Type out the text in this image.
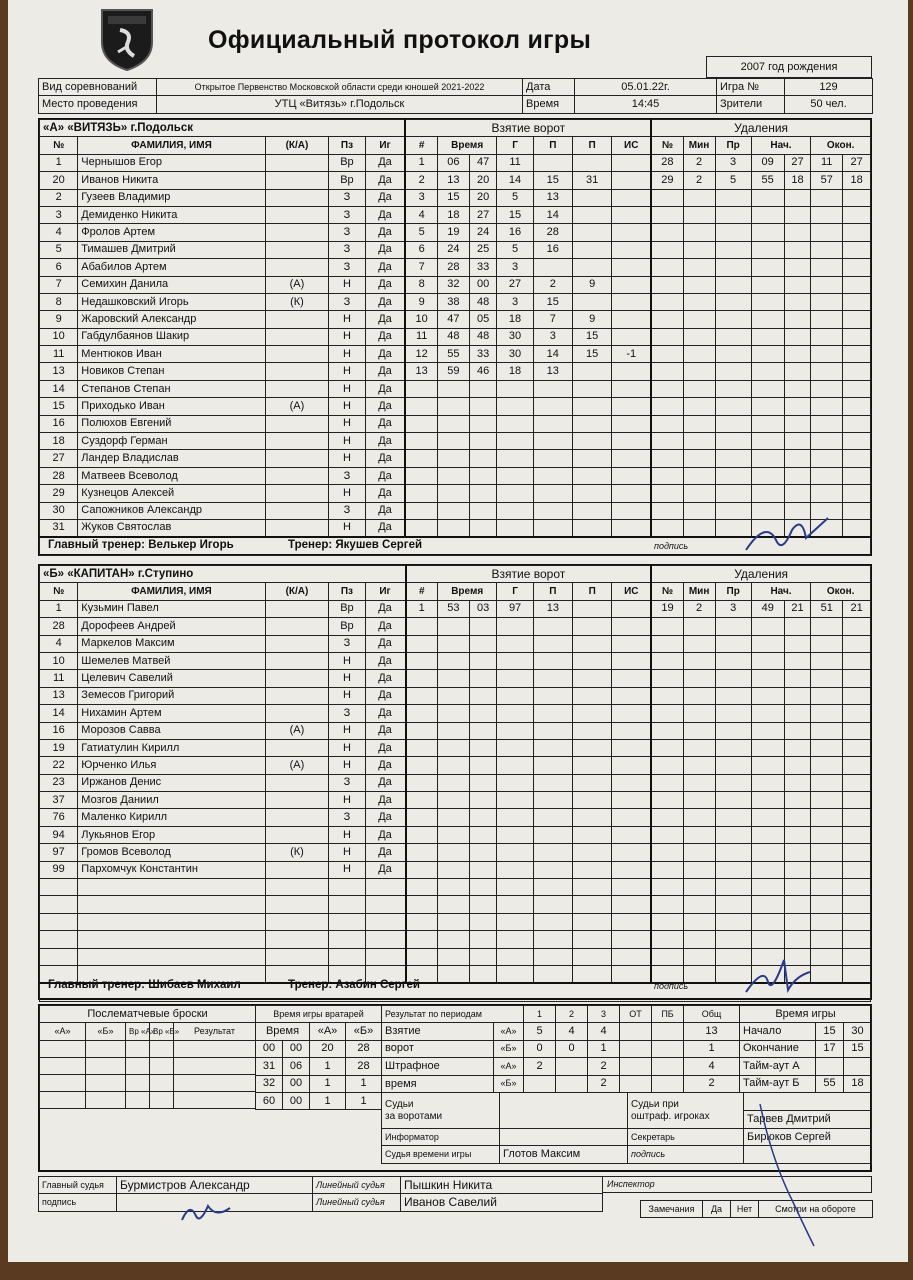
Официальный протокол игры
2007 год рождения
Вид соревнований	Открытое Первенство Московской области среди юношей 2021-2022	Дата	05.01.22г.	Игра №	129
Место проведения	УТЦ «Витязь» г.Подольск	Время	14:45	Зрители	50 чел.
«А» «ВИТЯЗЬ» г.Подольск					Взятие ворот							Удаления						
№	ФАМИЛИЯ, ИМЯ	(К/А)	Пз	Иг	#	Время		Г	П	П	ИС	№	Мин	Пр	Нач.		Окон.	
1	Чернышов Егор		Вр	Да	1	06	47	11				28	2	3	09	27	11	27
20	Иванов Никита		Вр	Да	2	13	20	14	15	31		29	2	5	55	18	57	18
2	Гузеев Владимир		З	Да	3	15	20	5	13									
3	Демиденко Никита		З	Да	4	18	27	15	14									
4	Фролов Артем		З	Да	5	19	24	16	28									
5	Тимашев Дмитрий		З	Да	6	24	25	5	16									
6	Абабилов Артем		З	Да	7	28	33	3										
7	Семихин Данила	(А)	Н	Да	8	32	00	27	2	9								
8	Недашковский Игорь	(К)	З	Да	9	38	48	3	15									
9	Жаровский Александр		Н	Да	10	47	05	18	7	9								
10	Габдулбаянов Шакир		Н	Да	11	48	48	30	3	15								
11	Ментюков Иван		Н	Да	12	55	33	30	14	15	-1							
13	Новиков Степан		Н	Да	13	59	46	18	13									
14	Степанов Степан		Н	Да														
15	Приходько Иван	(А)	Н	Да														
16	Полюхов Евгений		Н	Да														
18	Суздорф Герман		Н	Да														
27	Ландер Владислав		Н	Да														
28	Матвеев Всеволод		З	Да														
29	Кузнецов Алексей		Н	Да														
30	Сапожников Александр		З	Да														
31	Жуков Святослав		Н	Да														

Главный тренер: Велькер Игорь	Тренер: Якушев Сергей	подпись
«Б» «КАПИТАН» г.Ступино					Взятие ворот							Удаления						
№	ФАМИЛИЯ, ИМЯ	(К/А)	Пз	Иг	#	Время		Г	П	П	ИС	№	Мин	Пр	Нач.		Окон.	
1	Кузьмин Павел		Вр	Да	1	53	03	97	13			19	2	3	49	21	51	21
28	Дорофеев Андрей		Вр	Да														
4	Маркелов Максим		З	Да														
10	Шемелев Матвей		Н	Да														
11	Целевич Савелий		Н	Да														
13	Земесов Григорий		Н	Да														
14	Нихамин Артем		З	Да														
16	Морозов Савва	(А)	Н	Да														
19	Гатиатулин Кирилл		Н	Да														
22	Юрченко Илья	(А)	Н	Да														
23	Иржанов Денис		З	Да														
37	Мозгов Даниил		Н	Да														
76	Маленко Кирилл		З	Да														
94	Лукьянов Егор		Н	Да														
97	Громов Всеволод	(К)	Н	Да														
99	Пархомчук Константин		Н	Да														

Главный тренер: Шибаев Михаил	Тренер: Азабин Сергей	подпись
Послематчевые броски				
«А»	«Б»	Вр «А»	Вр «Б»	Результат

Время игры вратарей			
Время		«А»	«Б»
00	00	20	28
31	06	1	28
32	00	1	1
60	00	1	1
Результат по периодам		1	2	3	ОТ	ПБ	Общ
Взятие	«А»	5	4	4			13
ворот	«Б»	0	0	1			1
Штрафное	«А»	2		2			4
время	«Б»			2			2
Время игры		
Начало	15	30
Окончание	17	15
Тайм-аут А		
Тайм-аут Б	55	18
Судьи
за воротами		Судьи при
оштраф. игроках	
			Тарвев Дмитрий
Информатор		Секретарь	Бирюков Сергей
Судья времени игры	Глотов Максим	подпись	
Главный судья	Бурмистров Александр	Линейный судья	Пышкин Никита
подпись		Линейный судья	Иванов Савелий
Инспектор
Замечания	Да	Нет	Смотри на обороте
